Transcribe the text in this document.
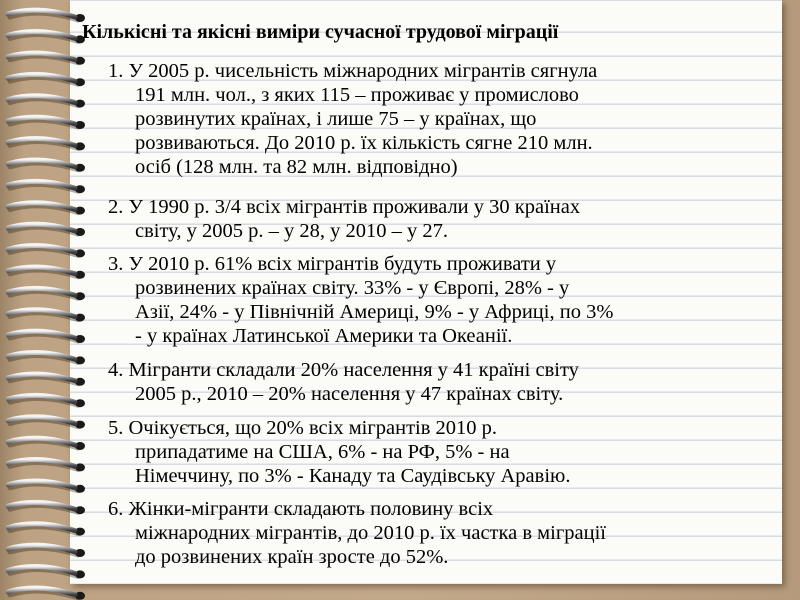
Кількісні та якісні виміри сучасної трудової міграції
1. У 2005 р. чисельність міжнародних мігрантів сягнула
191 млн. чол., з яких 115 – проживає у промислово
розвинутих країнах, і лише 75 – у країнах, що
розвиваються. До 2010 р. їх кількість сягне 210 млн.
осіб (128 млн. та 82 млн. відповідно)
2. У 1990 р. 3/4 всіх мігрантів проживали у 30 країнах
світу, у 2005 р. – у 28, у 2010 – у 27.
3. У 2010 р. 61% всіх мігрантів будуть проживати у
розвинених країнах світу. 33% - у Європі, 28% - у
Азії, 24% - у Північній Америці, 9% - у Африці, по 3%
- у країнах Латинської Америки та Океанії.
4. Мігранти складали 20% населення у 41 країні світу
2005 р., 2010 – 20% населення у 47 країнах світу.
5. Очікується, що 20% всіх мігрантів 2010 р.
припадатиме на США, 6% - на РФ, 5% - на
Німеччину, по 3% - Канаду та Саудівську Аравію.
6. Жінки-мігранти складають половину всіх
міжнародних мігрантів, до 2010 р. їх частка в міграції
до розвинених країн зросте до 52%.
